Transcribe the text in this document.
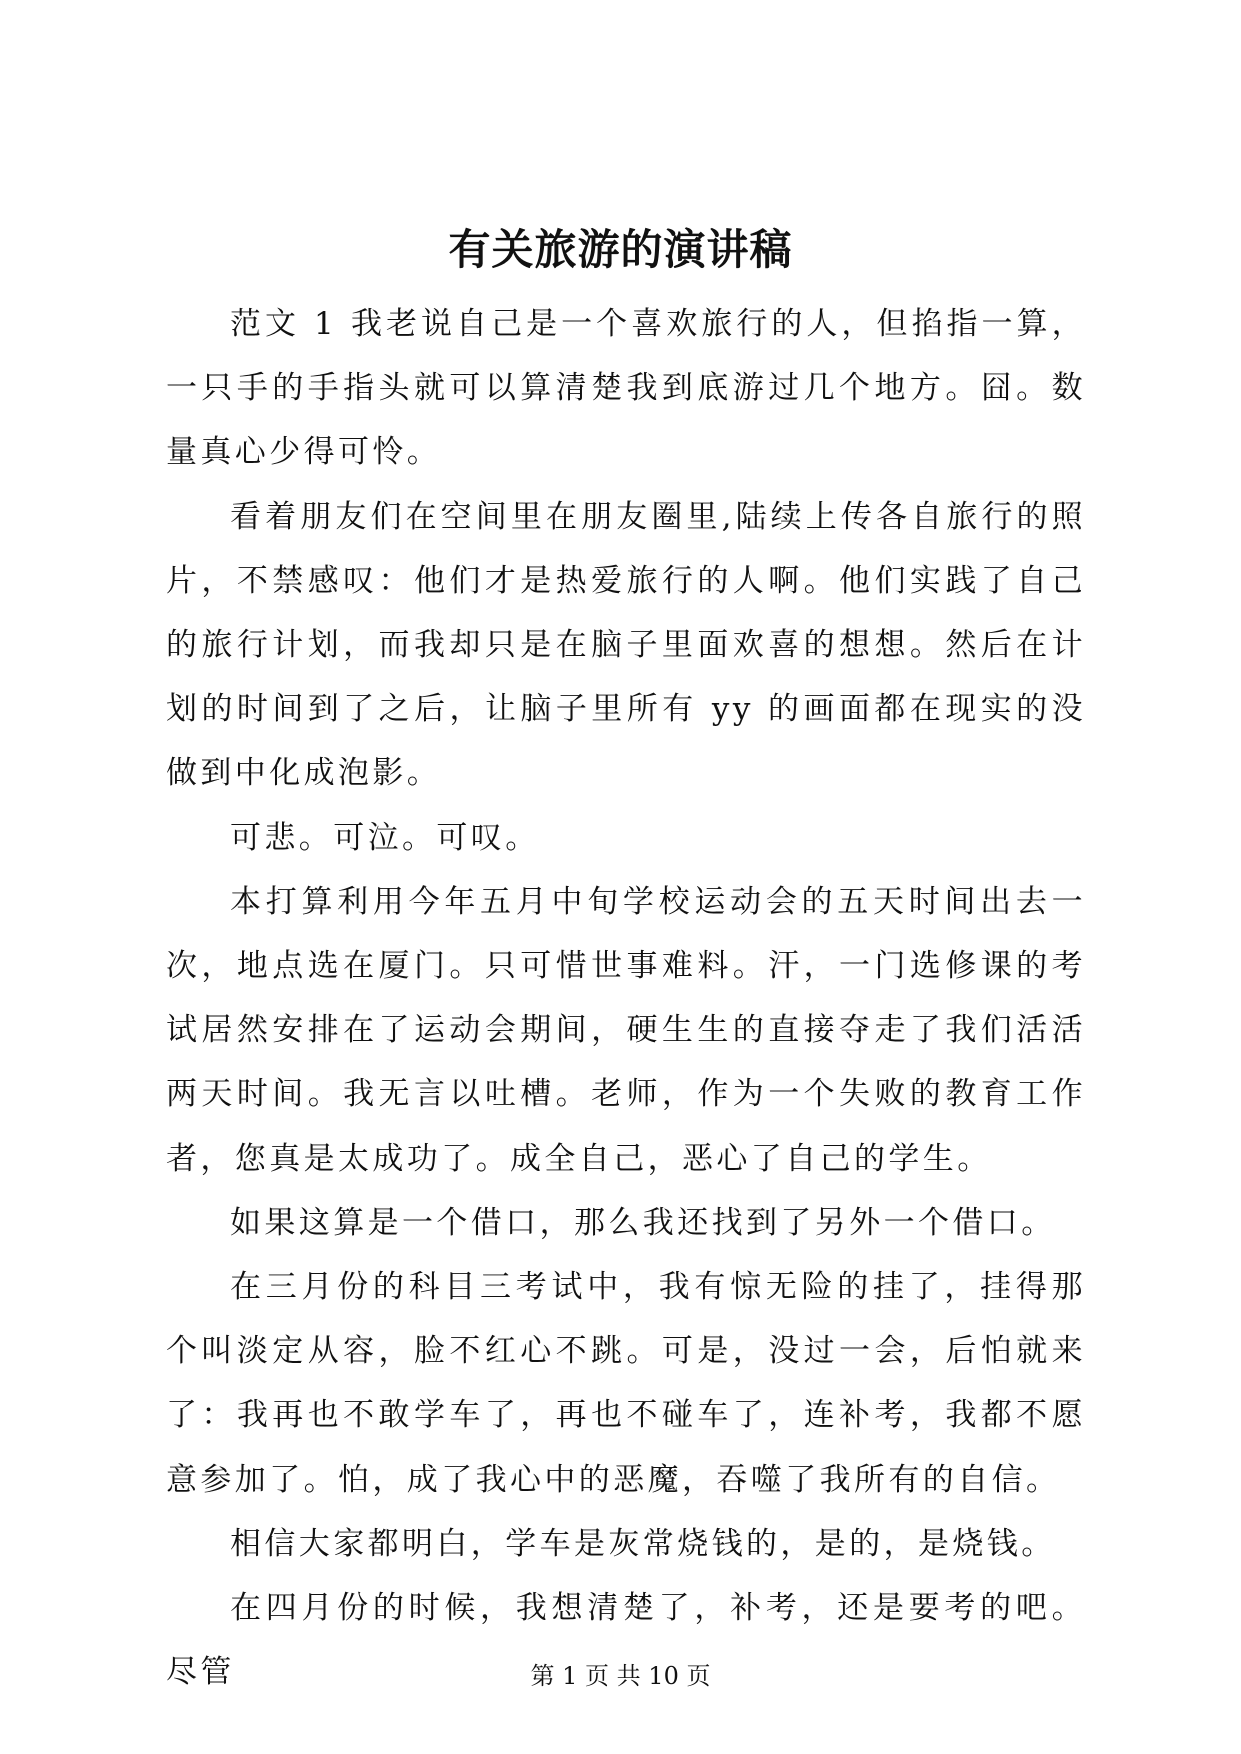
有关旅游的演讲稿

范文 1 我老说自己是一个喜欢旅行的人，但掐指一算，一只手的手指头就可以算清楚我到底游过几个地方。囧。数量真心少得可怜。

看着朋友们在空间里在朋友圈里,陆续上传各自旅行的照片，不禁感叹：他们才是热爱旅行的人啊。他们实践了自己的旅行计划，而我却只是在脑子里面欢喜的想想。然后在计划的时间到了之后，让脑子里所有 yy 的画面都在现实的没做到中化成泡影。

可悲。可泣。可叹。

本打算利用今年五月中旬学校运动会的五天时间出去一次，地点选在厦门。只可惜世事难料。汗，一门选修课的考试居然安排在了运动会期间，硬生生的直接夺走了我们活活两天时间。我无言以吐槽。老师，作为一个失败的教育工作者，您真是太成功了。成全自己，恶心了自己的学生。

如果这算是一个借口，那么我还找到了另外一个借口。

在三月份的科目三考试中，我有惊无险的挂了，挂得那个叫淡定从容，脸不红心不跳。可是，没过一会，后怕就来了：我再也不敢学车了，再也不碰车了，连补考，我都不愿意参加了。怕，成了我心中的恶魔，吞噬了我所有的自信。

相信大家都明白，学车是灰常烧钱的，是的，是烧钱。

在四月份的时候，我想清楚了，补考，还是要考的吧。尽管	第 1 页 共 10 页
